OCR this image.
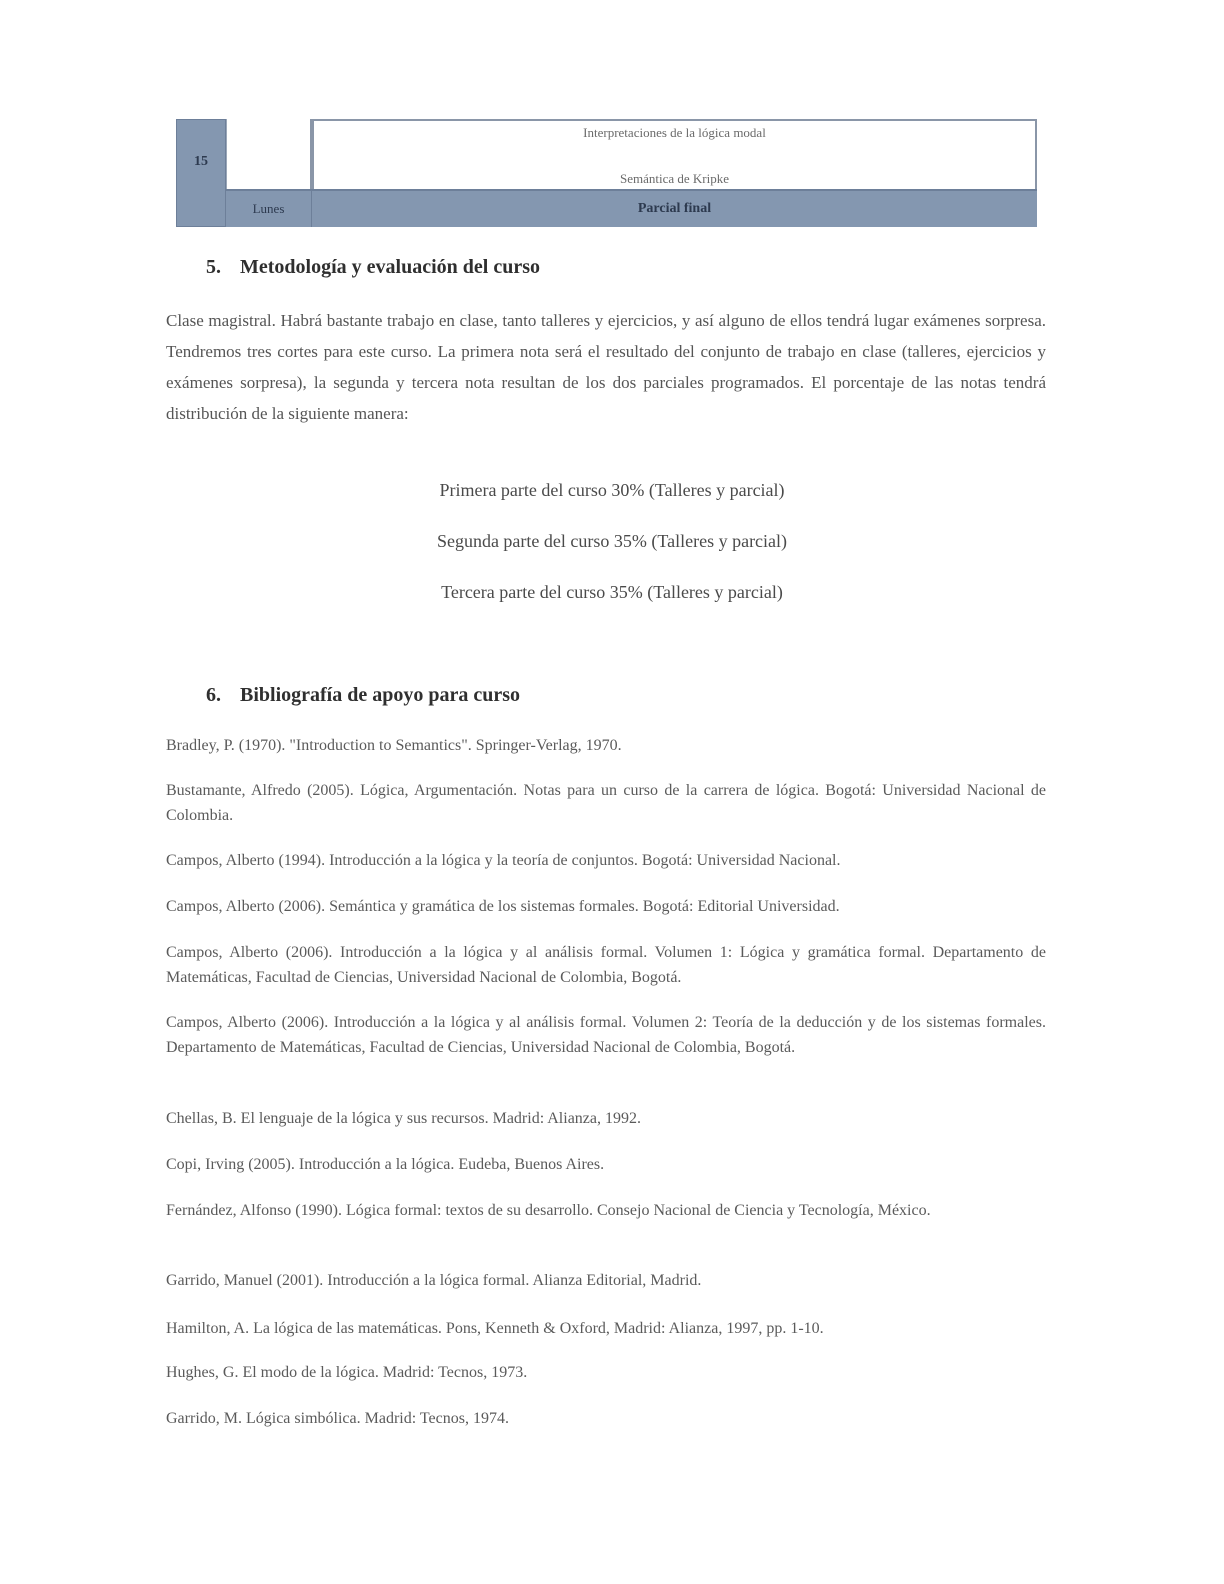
15
Interpretaciones de la lógica modal
Semántica de Kripke
Lunes	Parcial final
5. Metodología y evaluación del curso
Clase magistral. Habrá bastante trabajo en clase, tanto talleres y ejercicios, y así alguno de ellos tendrá lugar exámenes sorpresa. Tendremos tres cortes para este curso. La primera nota será el resultado del conjunto de trabajo en clase (talleres, ejercicios y exámenes sorpresa), la segunda y tercera nota resultan de los dos parciales programados. El porcentaje de las notas tendrá distribución de la siguiente manera:
Primera parte del curso 30% (Talleres y parcial)
Segunda parte del curso 35% (Talleres y parcial)
Tercera parte del curso 35% (Talleres y parcial)
6. Bibliografía de apoyo para curso
Bradley, P. (1970). "Introduction to Semantics". Springer-Verlag, 1970.
Bustamante, Alfredo (2005). Lógica, Argumentación. Notas para un curso de la carrera de lógica. Bogotá: Universidad Nacional de Colombia.
Campos, Alberto (1994). Introducción a la lógica y la teoría de conjuntos. Bogotá: Universidad Nacional.
Campos, Alberto (2006). Semántica y gramática de los sistemas formales. Bogotá: Editorial Universidad.
Campos, Alberto (2006). Introducción a la lógica y al análisis formal. Volumen 1: Lógica y gramática formal. Departamento de Matemáticas, Facultad de Ciencias, Universidad Nacional de Colombia, Bogotá.
Campos, Alberto (2006). Introducción a la lógica y al análisis formal. Volumen 2: Teoría de la deducción y de los sistemas formales. Departamento de Matemáticas, Facultad de Ciencias, Universidad Nacional de Colombia, Bogotá.
Chellas, B. El lenguaje de la lógica y sus recursos. Madrid: Alianza, 1992.
Copi, Irving (2005). Introducción a la lógica. Eudeba, Buenos Aires.
Fernández, Alfonso (1990). Lógica formal: textos de su desarrollo. Consejo Nacional de Ciencia y Tecnología, México.
Garrido, Manuel (2001). Introducción a la lógica formal. Alianza Editorial, Madrid.
Hamilton, A. La lógica de las matemáticas. Pons, Kenneth & Oxford, Madrid: Alianza, 1997, pp. 1-10.
Hughes, G. El modo de la lógica. Madrid: Tecnos, 1973.
Garrido, M. Lógica simbólica. Madrid: Tecnos, 1974.
